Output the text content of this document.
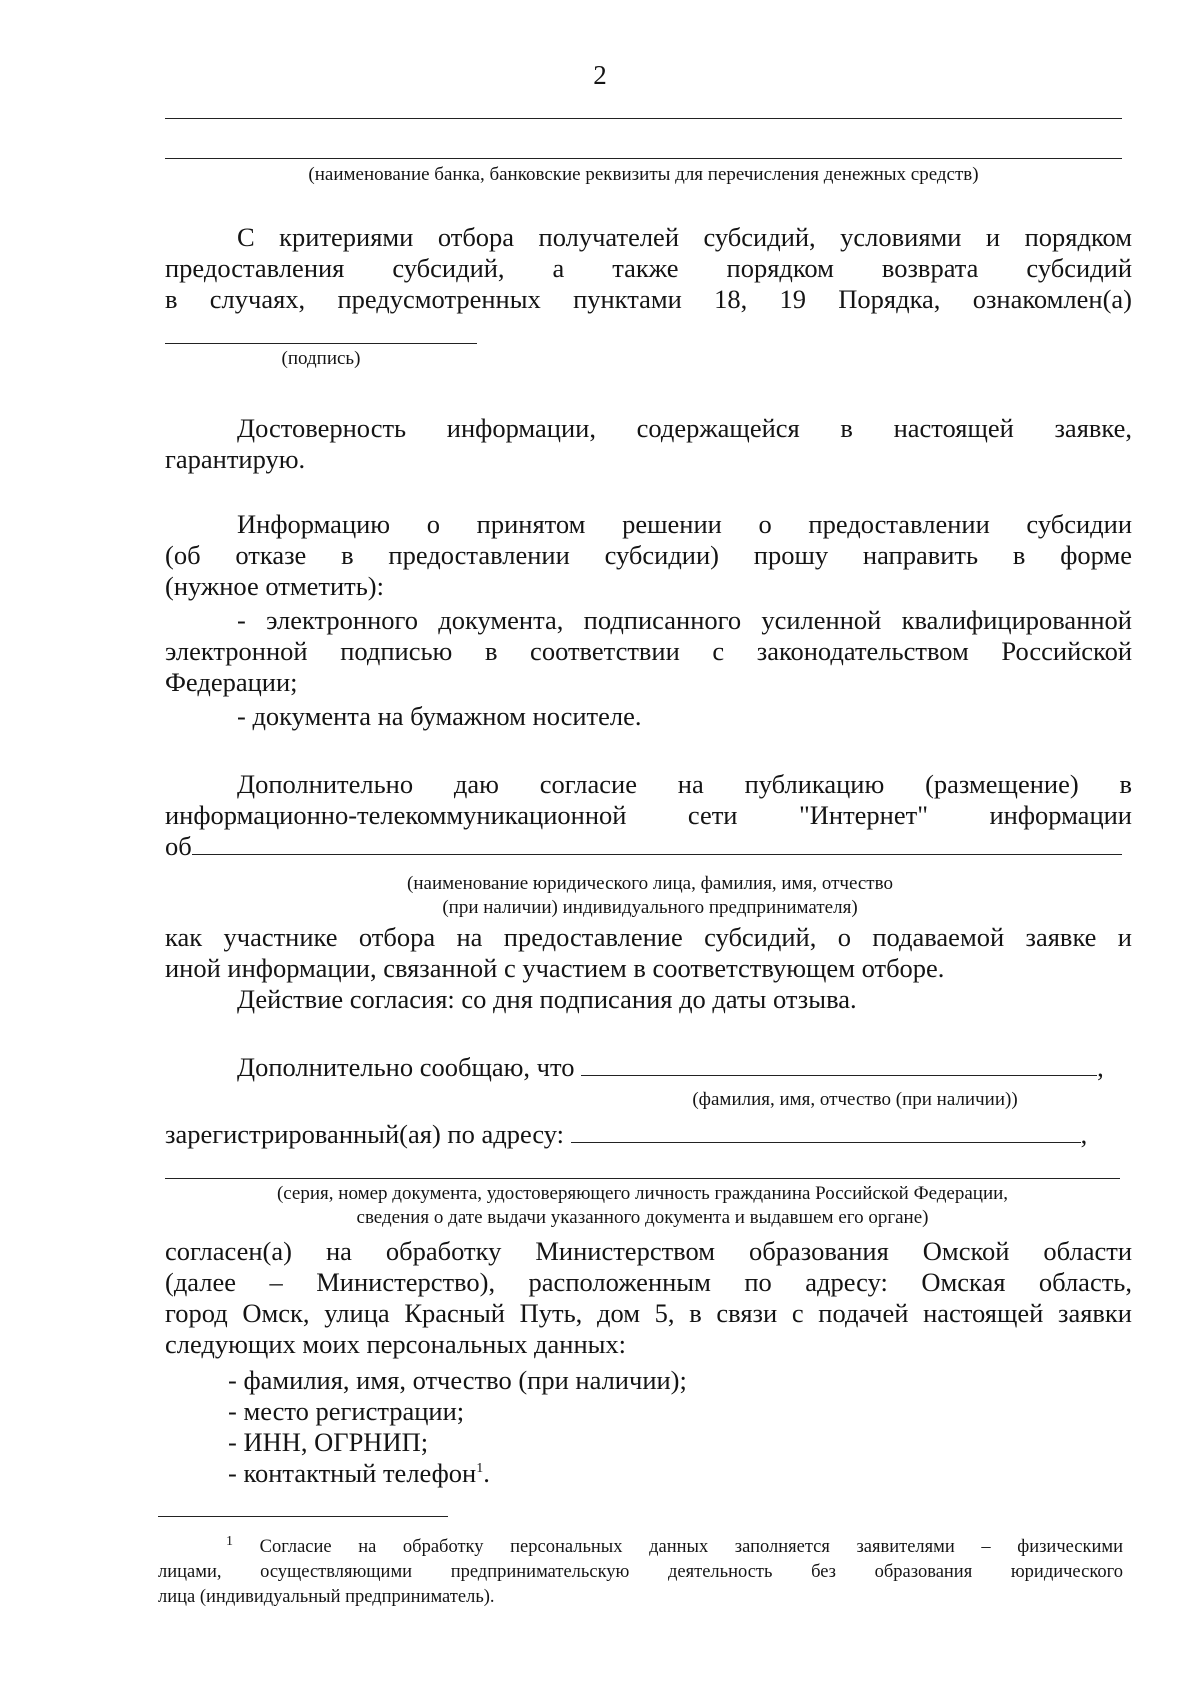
2
(наименование банка, банковские реквизиты для перечисления денежных средств)
С критериями отбора получателей субсидий, условиями и порядком
предоставления субсидий, а также порядком возврата субсидий
в случаях, предусмотренных пунктами 18, 19 Порядка, ознакомлен(а)
(подпись)
Достоверность информации, содержащейся в настоящей заявке,
гарантирую.
Информацию о принятом решении о предоставлении субсидии
(об отказе в предоставлении субсидии) прошу направить в форме
(нужное отметить):
- электронного документа, подписанного усиленной квалифицированной
электронной подписью в соответствии с законодательством Российской
Федерации;
- документа на бумажном носителе.
Дополнительно даю согласие на публикацию (размещение) в
информационно-телекоммуникационной сети "Интернет" информации
об
(наименование юридического лица, фамилия, имя, отчество
(при наличии) индивидуального предпринимателя)
как участнике отбора на предоставление субсидий, о подаваемой заявке и
иной информации, связанной с участием в соответствующем отборе.
Действие согласия: со дня подписания до даты отзыва.
Дополнительно сообщаю, что	,
(фамилия, имя, отчество (при наличии))
зарегистрированный(ая) по адресу:	,
(серия, номер документа, удостоверяющего личность гражданина Российской Федерации,
сведения о дате выдачи указанного документа и выдавшем его органе)
согласен(а) на обработку Министерством образования Омской области
(далее – Министерство), расположенным по адресу: Омская область,
город Омск, улица Красный Путь, дом 5, в связи с подачей настоящей заявки
следующих моих персональных данных:
- фамилия, имя, отчество (при наличии);
- место регистрации;
- ИНН, ОГРНИП;
- контактный телефон$^1$.
$^1$ Согласие на обработку персональных данных заполняется заявителями – физическими
лицами, осуществляющими предпринимательскую деятельность без образования юридического
лица (индивидуальный предприниматель).
